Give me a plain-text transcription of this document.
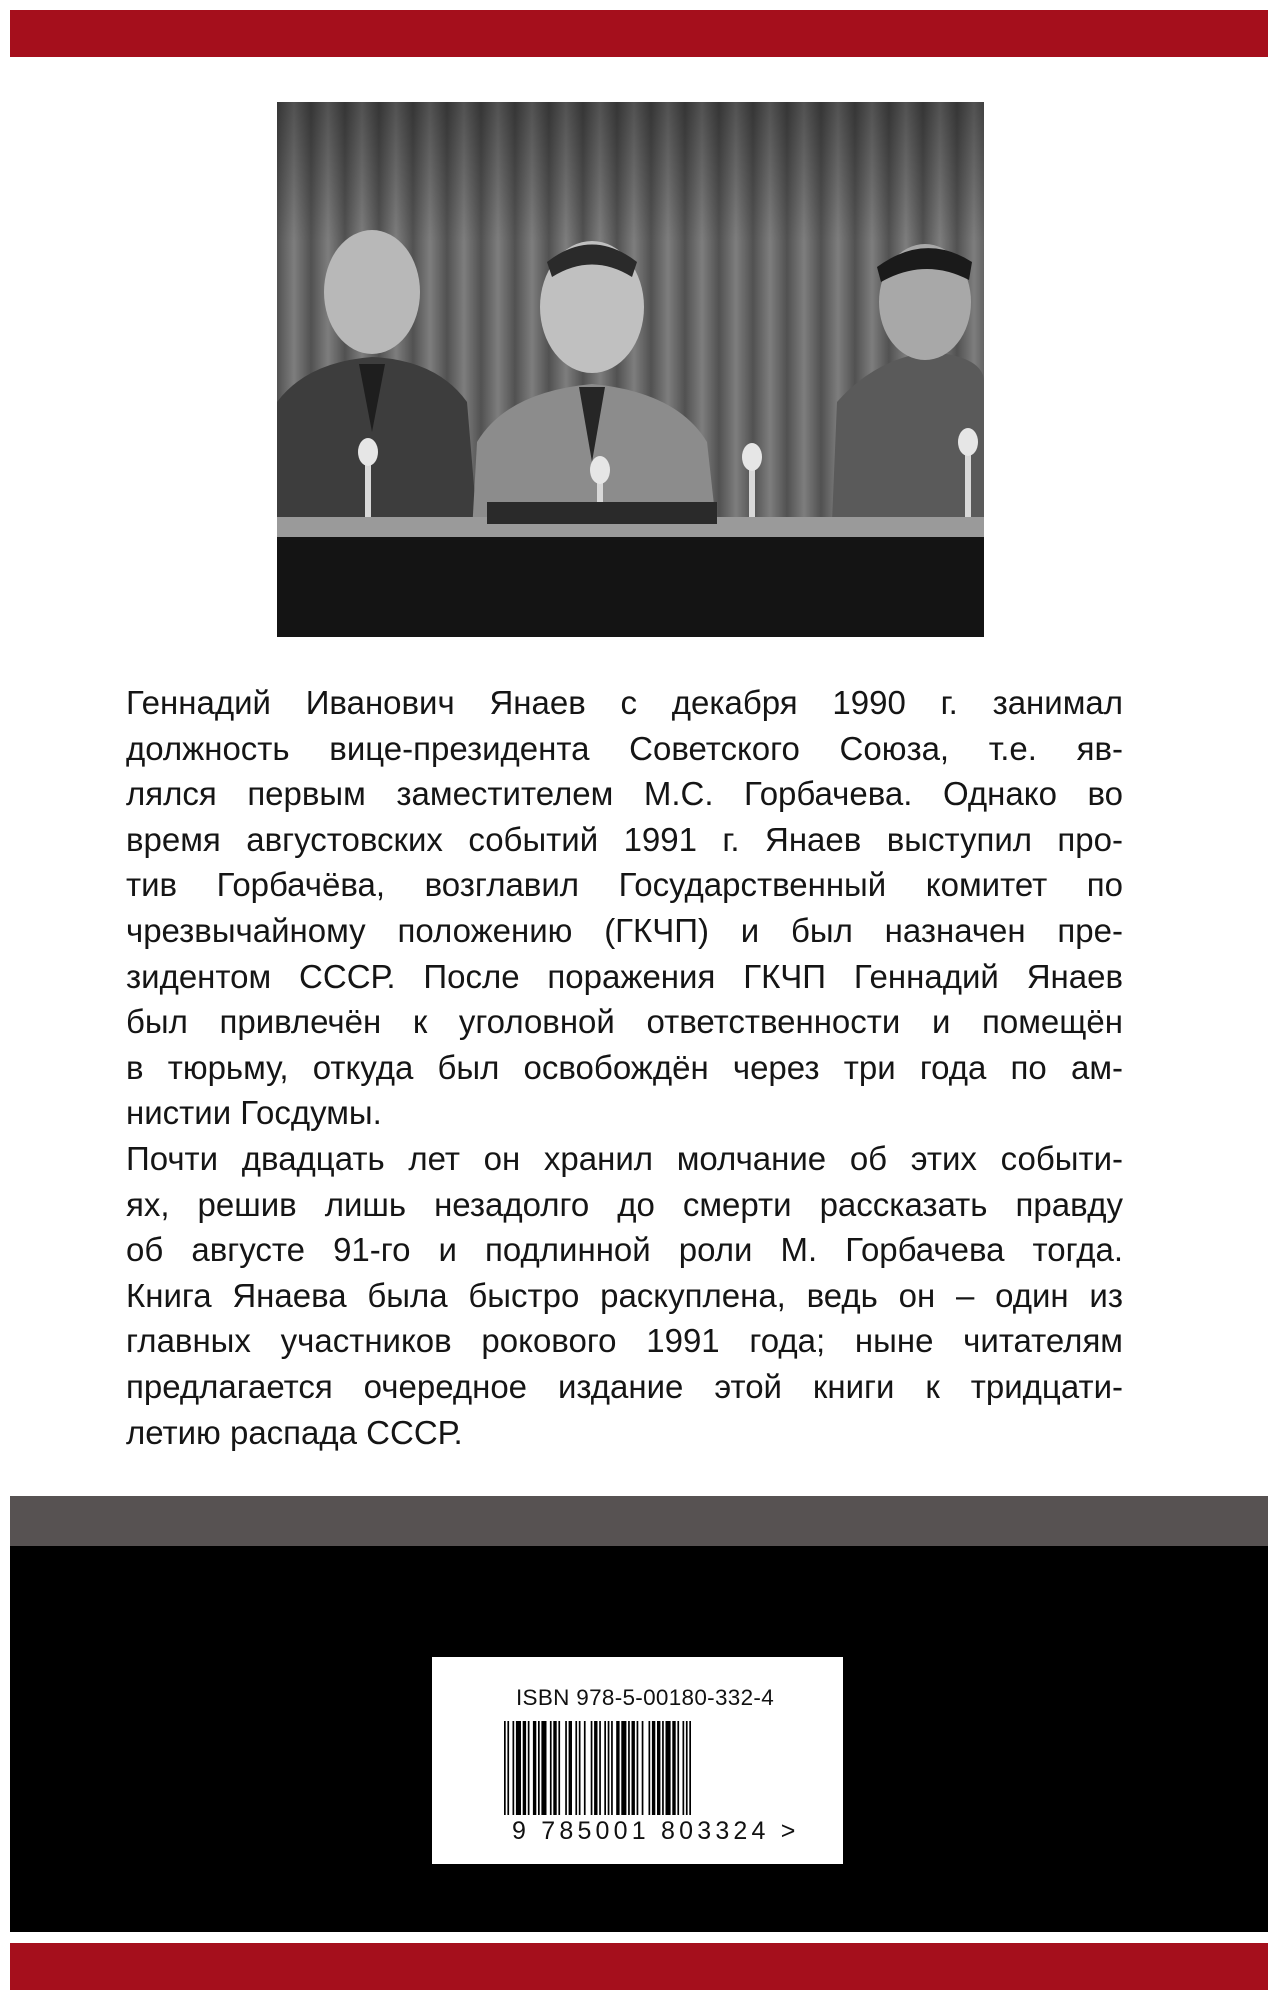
Геннадий Иванович Янаев с декабря 1990 г. занимал
должность вице-президента Советского Союза, т.е. яв-
лялся первым заместителем М.С. Горбачева. Однако во
время августовских событий 1991 г. Янаев выступил про-
тив Горбачёва, возглавил Государственный комитет по
чрезвычайному положению (ГКЧП) и был назначен пре-
зидентом СССР. После поражения ГКЧП Геннадий Янаев
был привлечён к уголовной ответственности и помещён
в тюрьму, откуда был освобождён через три года по ам-
нистии Госдумы.

Почти двадцать лет он хранил молчание об этих событи-
ях, решив лишь незадолго до смерти рассказать правду
об августе 91-го и подлинной роли М. Горбачева тогда.
Книга Янаева была быстро раскуплена, ведь он – один из
главных участников рокового 1991 года; ныне читателям
предлагается очередное издание этой книги к тридцати-
летию распада СССР.

ISBN 978-5-00180-332-4
9 785001 803324 >
